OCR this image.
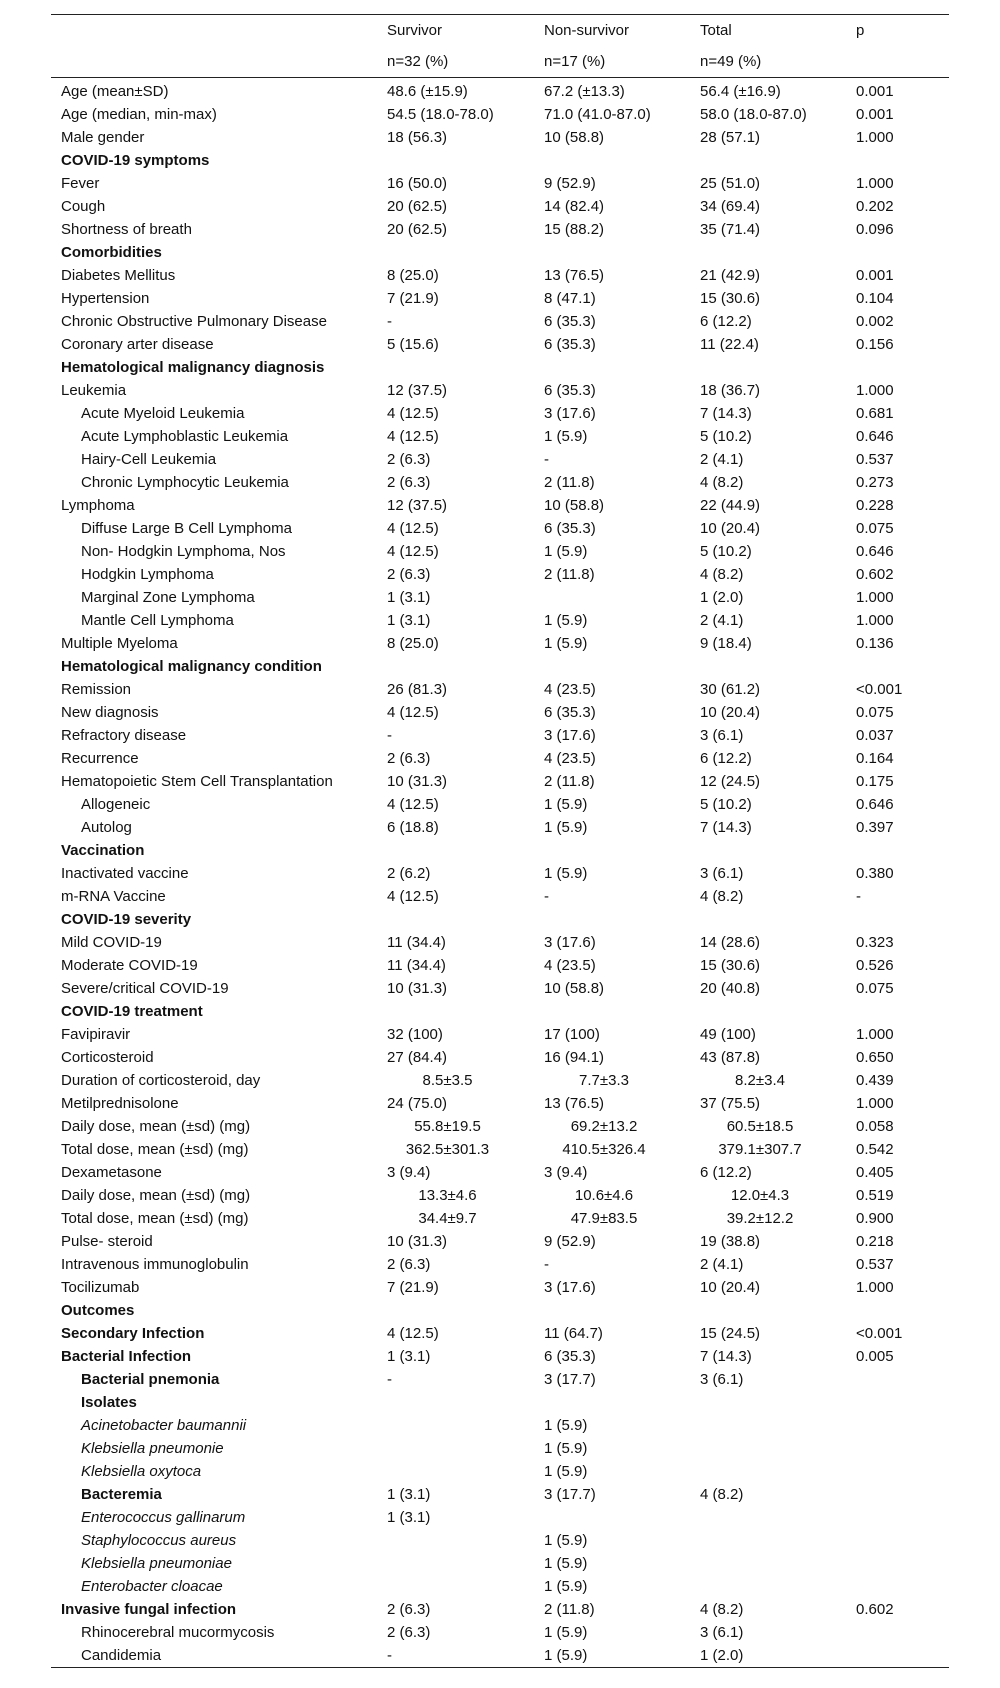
	Survivor	Non-survivor	Total	p
	n=32 (%)	n=17 (%)	n=49 (%)	
Age (mean±SD)	48.6 (±15.9)	67.2 (±13.3)	56.4 (±16.9)	0.001
Age (median, min-max)	54.5 (18.0-78.0)	71.0 (41.0-87.0)	58.0 (18.0-87.0)	0.001
Male gender	18 (56.3)	10 (58.8)	28 (57.1)	1.000
COVID-19 symptoms				
Fever	16 (50.0)	9 (52.9)	25 (51.0)	1.000
Cough	20 (62.5)	14 (82.4)	34 (69.4)	0.202
Shortness of breath	20 (62.5)	15 (88.2)	35 (71.4)	0.096
Comorbidities				
Diabetes Mellitus	8 (25.0)	13 (76.5)	21 (42.9)	0.001
Hypertension	7 (21.9)	8 (47.1)	15 (30.6)	0.104
Chronic Obstructive Pulmonary Disease	-	6 (35.3)	6 (12.2)	0.002
Coronary arter disease	5 (15.6)	6 (35.3)	11 (22.4)	0.156
Hematological malignancy diagnosis				
Leukemia	12 (37.5)	6 (35.3)	18 (36.7)	1.000
Acute Myeloid Leukemia	4 (12.5)	3 (17.6)	7 (14.3)	0.681
Acute Lymphoblastic Leukemia	4 (12.5)	1 (5.9)	5 (10.2)	0.646
Hairy-Cell Leukemia	2 (6.3)	-	2 (4.1)	0.537
Chronic Lymphocytic Leukemia	2 (6.3)	2 (11.8)	4 (8.2)	0.273
Lymphoma	12 (37.5)	10 (58.8)	22 (44.9)	0.228
Diffuse Large B Cell Lymphoma	4 (12.5)	6 (35.3)	10 (20.4)	0.075
Non- Hodgkin Lymphoma, Nos	4 (12.5)	1 (5.9)	5 (10.2)	0.646
Hodgkin Lymphoma	2 (6.3)	2 (11.8)	4 (8.2)	0.602
Marginal Zone Lymphoma	1 (3.1)		1 (2.0)	1.000
Mantle Cell Lymphoma	1 (3.1)	1 (5.9)	2 (4.1)	1.000
Multiple Myeloma	8 (25.0)	1 (5.9)	9 (18.4)	0.136
Hematological malignancy condition				
Remission	26 (81.3)	4 (23.5)	30 (61.2)	<0.001
New diagnosis	4 (12.5)	6 (35.3)	10 (20.4)	0.075
Refractory disease	-	3 (17.6)	3 (6.1)	0.037
Recurrence	2 (6.3)	4 (23.5)	6 (12.2)	0.164
Hematopoietic Stem Cell Transplantation	10 (31.3)	2 (11.8)	12 (24.5)	0.175
Allogeneic	4 (12.5)	1 (5.9)	5 (10.2)	0.646
Autolog	6 (18.8)	1 (5.9)	7 (14.3)	0.397
Vaccination				
Inactivated vaccine	2 (6.2)	1 (5.9)	3 (6.1)	0.380
m-RNA Vaccine	4 (12.5)	-	4 (8.2)	-
COVID-19 severity				
Mild COVID-19	11 (34.4)	3 (17.6)	14 (28.6)	0.323
Moderate COVID-19	11 (34.4)	4 (23.5)	15 (30.6)	0.526
Severe/critical COVID-19	10 (31.3)	10 (58.8)	20 (40.8)	0.075
COVID-19 treatment				
Favipiravir	32 (100)	17 (100)	49 (100)	1.000
Corticosteroid	27 (84.4)	16 (94.1)	43 (87.8)	0.650
Duration of corticosteroid, day	8.5±3.5	7.7±3.3	8.2±3.4	0.439
Metilprednisolone	24 (75.0)	13 (76.5)	37 (75.5)	1.000
Daily dose, mean (±sd) (mg)	55.8±19.5	69.2±13.2	60.5±18.5	0.058
Total dose, mean (±sd) (mg)	362.5±301.3	410.5±326.4	379.1±307.7	0.542
Dexametasone	3 (9.4)	3 (9.4)	6 (12.2)	0.405
Daily dose, mean (±sd) (mg)	13.3±4.6	10.6±4.6	12.0±4.3	0.519
Total dose, mean (±sd) (mg)	34.4±9.7	47.9±83.5	39.2±12.2	0.900
Pulse- steroid	10 (31.3)	9 (52.9)	19 (38.8)	0.218
Intravenous immunoglobulin	2 (6.3)	-	2 (4.1)	0.537
Tocilizumab	7 (21.9)	3 (17.6)	10 (20.4)	1.000
Outcomes				
Secondary Infection	4 (12.5)	11 (64.7)	15 (24.5)	<0.001
Bacterial Infection	1 (3.1)	6 (35.3)	7 (14.3)	0.005
Bacterial pnemonia	-	3 (17.7)	3 (6.1)	
Isolates				
Acinetobacter baumannii		1 (5.9)		
Klebsiella pneumonie		1 (5.9)		
Klebsiella oxytoca		1 (5.9)		
Bacteremia	1 (3.1)	3 (17.7)	4 (8.2)	
Enterococcus gallinarum	1 (3.1)			
Staphylococcus aureus		1 (5.9)		
Klebsiella pneumoniae		1 (5.9)		
Enterobacter cloacae		1 (5.9)		
Invasive fungal infection	2 (6.3)	2 (11.8)	4 (8.2)	0.602
Rhinocerebral mucormycosis	2 (6.3)	1 (5.9)	3 (6.1)	
Candidemia	-	1 (5.9)	1 (2.0)	
